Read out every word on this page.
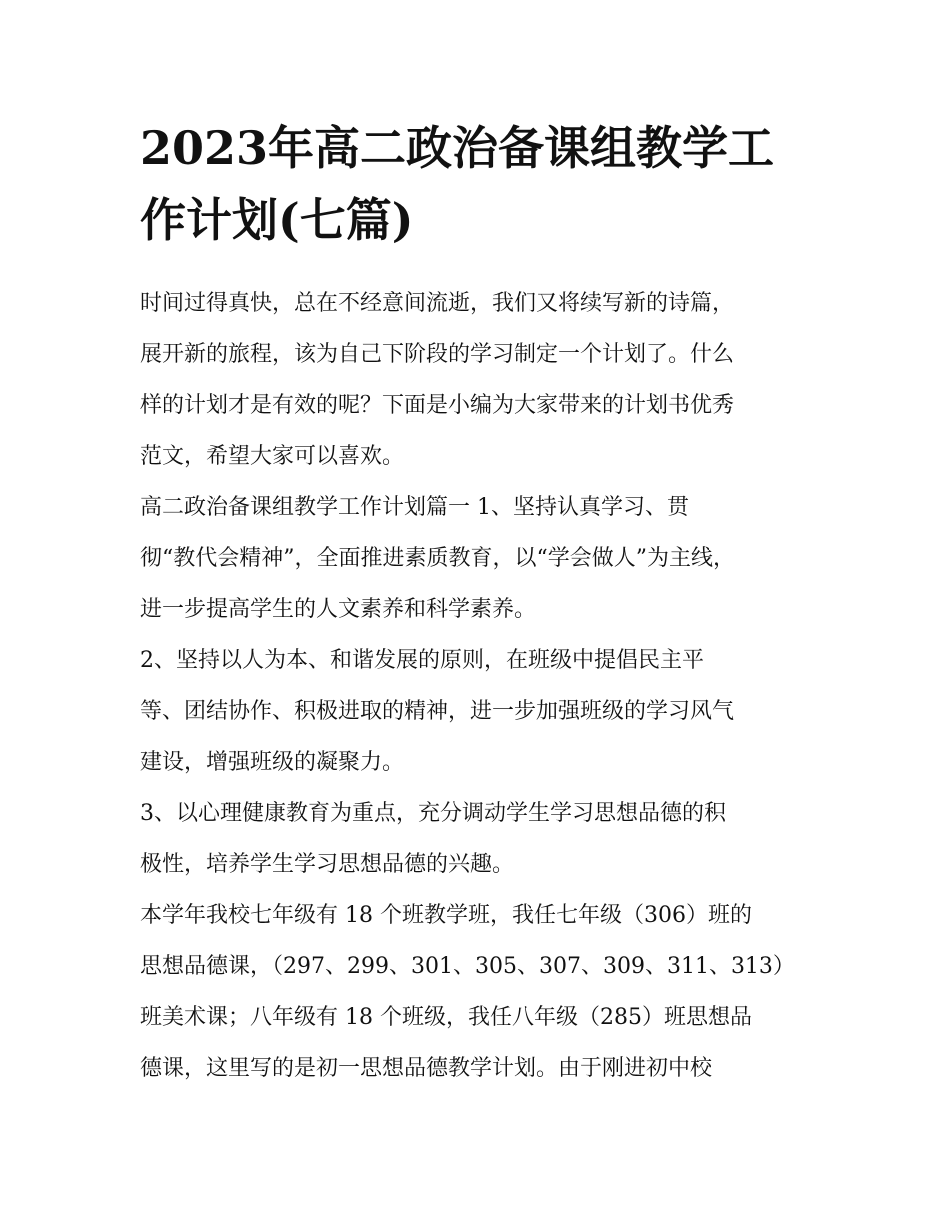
2023年高二政治备课组教学工
作计划(七篇)
时间过得真快，总在不经意间流逝，我们又将续写新的诗篇，
展开新的旅程，该为自己下阶段的学习制定一个计划了。什么
样的计划才是有效的呢？下面是小编为大家带来的计划书优秀
范文，希望大家可以喜欢。
高二政治备课组教学工作计划篇一 1、坚持认真学习、贯
彻“教代会精神”，全面推进素质教育，以“学会做人”为主线，
进一步提高学生的人文素养和科学素养。
2、坚持以人为本、和谐发展的原则，在班级中提倡民主平
等、团结协作、积极进取的精神，进一步加强班级的学习风气
建设，增强班级的凝聚力。
3、以心理健康教育为重点，充分调动学生学习思想品德的积
极性，培养学生学习思想品德的兴趣。
本学年我校七年级有 18 个班教学班，我任七年级（306）班的
思想品德课，（297、299、301、305、307、309、311、313）
班美术课；八年级有 18 个班级，我任八年级（285）班思想品
德课，这里写的是初一思想品德教学计划。由于刚进初中校
